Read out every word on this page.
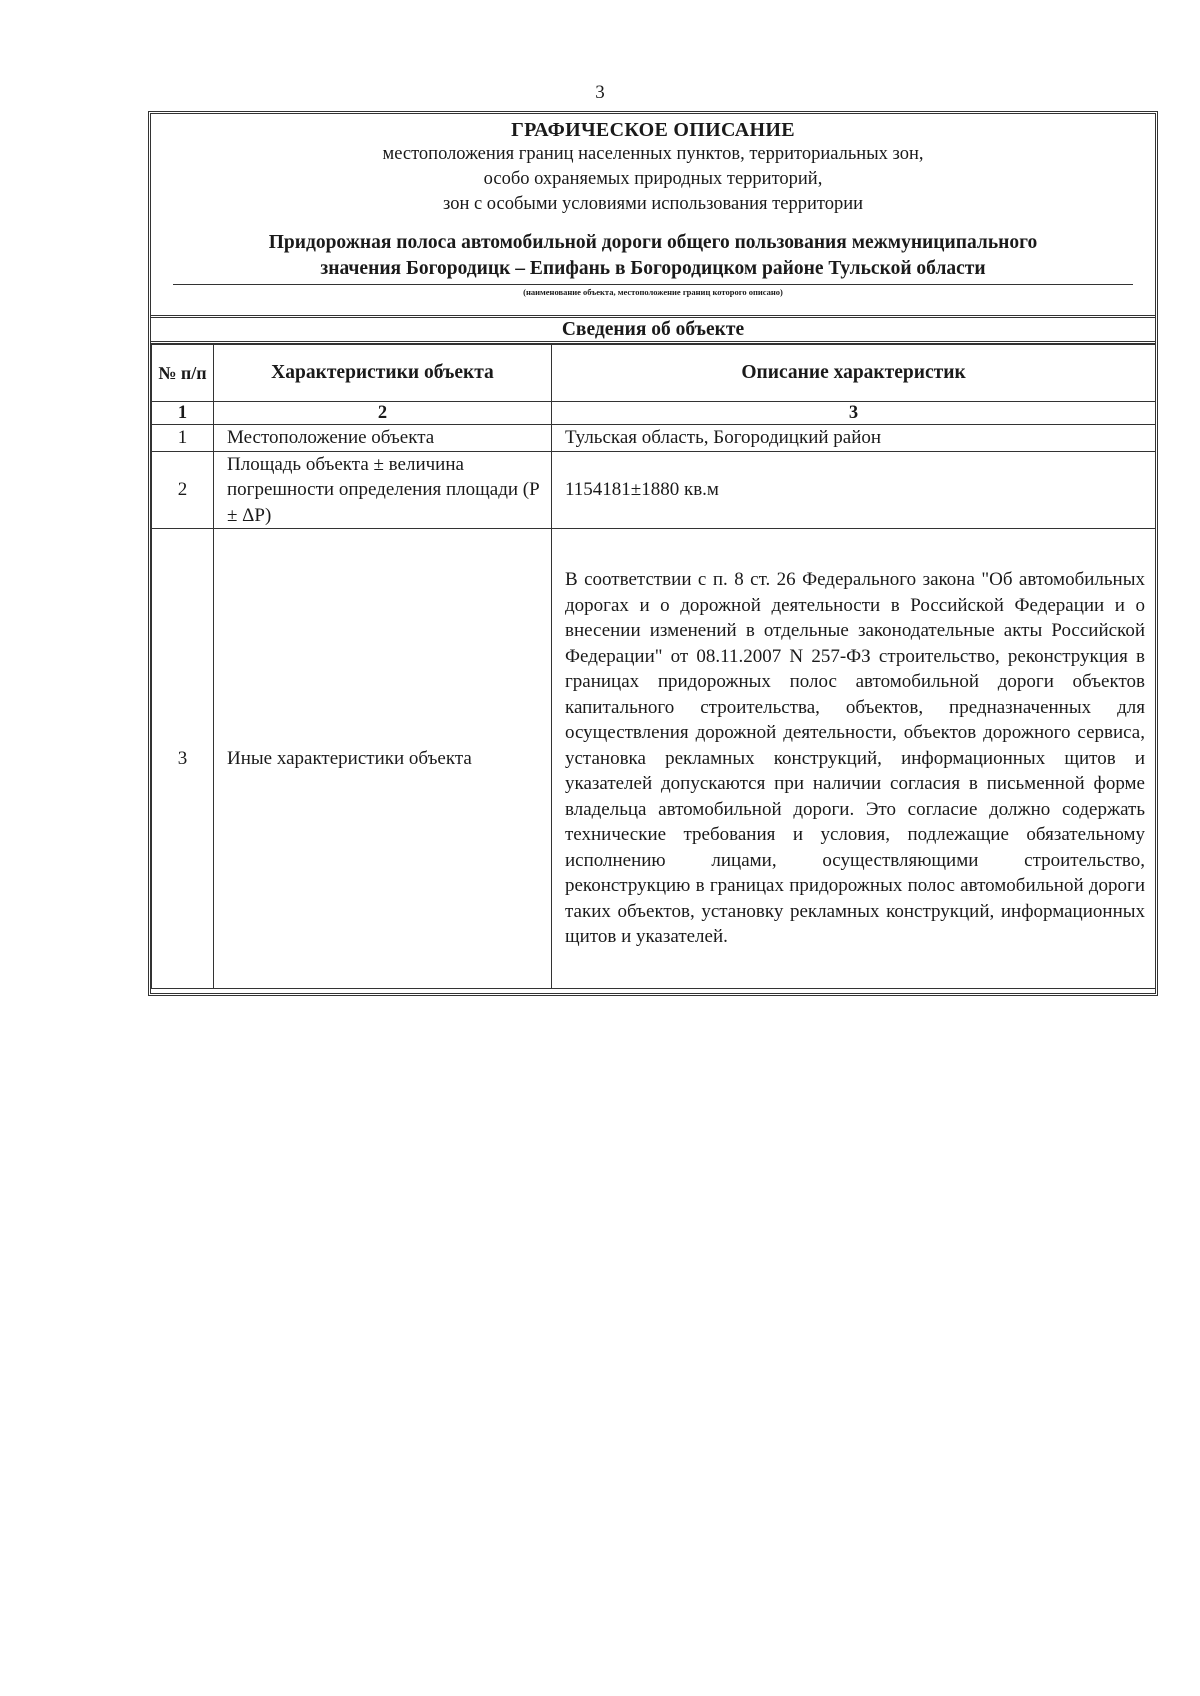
3
ГРАФИЧЕСКОЕ ОПИСАНИЕ
местоположения границ населенных пунктов, территориальных зон,
особо охраняемых природных территорий,
зон с особыми условиями использования территории
Придорожная полоса автомобильной дороги общего пользования межмуниципального
значения Богородицк – Епифань в Богородицком районе Тульской области
(наименование объекта, местоположение границ которого описано)
Сведения об объекте
№ п/п	Характеристики объекта	Описание характеристик
1	2	3
1	Местоположение объекта	Тульская область, Богородицкий район
2	Площадь объекта ± величина погрешности определения площади (P ± ΔP)	1154181±1880 кв.м
3	Иные характеристики объекта	В соответствии с п. 8 ст. 26 Федерального закона "Об автомобильных дорогах и о дорожной деятельности в Российской Федерации и о внесении изменений в отдельные законодательные акты Российской Федерации" от 08.11.2007 N 257-ФЗ строительство, реконструкция в границах придорожных полос автомобильной дороги объектов капитального строительства, объектов, предназначенных для осуществления дорожной деятельности, объектов дорожного сервиса, установка рекламных конструкций, информационных щитов и указателей допускаются при наличии согласия в письменной форме владельца автомобильной дороги. Это согласие должно содержать технические требования и условия, подлежащие обязательному исполнению лицами, осуществляющими строительство, реконструкцию в границах придорожных полос автомобильной дороги таких объектов, установку рекламных конструкций, информационных щитов и указателей.
